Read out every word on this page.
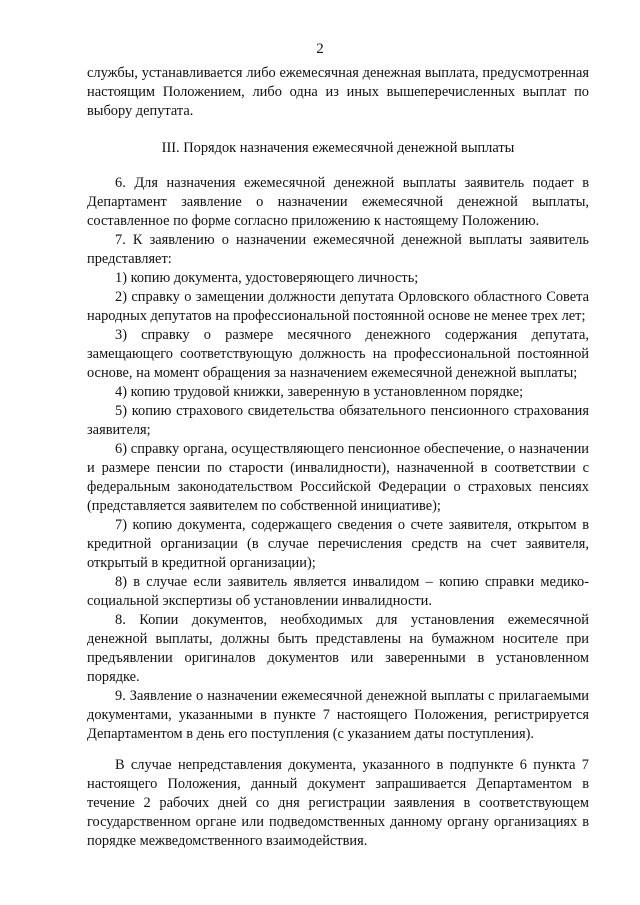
2

службы, устанавливается либо ежемесячная денежная выплата, предусмотренная настоящим Положением, либо одна из иных вышеперечисленных выплат по выбору депутата.

III. Порядок назначения ежемесячной денежной выплаты

6. Для назначения ежемесячной денежной выплаты заявитель подает в Департамент заявление о назначении ежемесячной денежной выплаты, составленное по форме согласно приложению к настоящему Положению.

7. К заявлению о назначении ежемесячной денежной выплаты заявитель представляет:

1) копию документа, удостоверяющего личность;

2) справку о замещении должности депутата Орловского областного Совета народных депутатов на профессиональной постоянной основе не менее трех лет;

3) справку о размере месячного денежного содержания депутата, замещающего соответствующую должность на профессиональной постоянной основе, на момент обращения за назначением ежемесячной денежной выплаты;

4) копию трудовой книжки, заверенную в установленном порядке;

5) копию страхового свидетельства обязательного пенсионного страхования заявителя;

6) справку органа, осуществляющего пенсионное обеспечение, о назначении и размере пенсии по старости (инвалидности), назначенной в соответствии с федеральным законодательством Российской Федерации о страховых пенсиях (представляется заявителем по собственной инициативе);

7) копию документа, содержащего сведения о счете заявителя, открытом в кредитной организации (в случае перечисления средств на счет заявителя, открытый в кредитной организации);

8) в случае если заявитель является инвалидом – копию справки медико-социальной экспертизы об установлении инвалидности.

8. Копии документов, необходимых для установления ежемесячной денежной выплаты, должны быть представлены на бумажном носителе при предъявлении оригиналов документов или заверенными в установленном порядке.

9. Заявление о назначении ежемесячной денежной выплаты с прилагаемыми документами, указанными в пункте 7 настоящего Положения, регистрируется Департаментом в день его поступления (с указанием даты поступления).

В случае непредставления документа, указанного в подпункте 6 пункта 7 настоящего Положения, данный документ запрашивается Департаментом в течение 2 рабочих дней со дня регистрации заявления в соответствующем государственном органе или подведомственных данному органу организациях в порядке межведомственного взаимодействия.
